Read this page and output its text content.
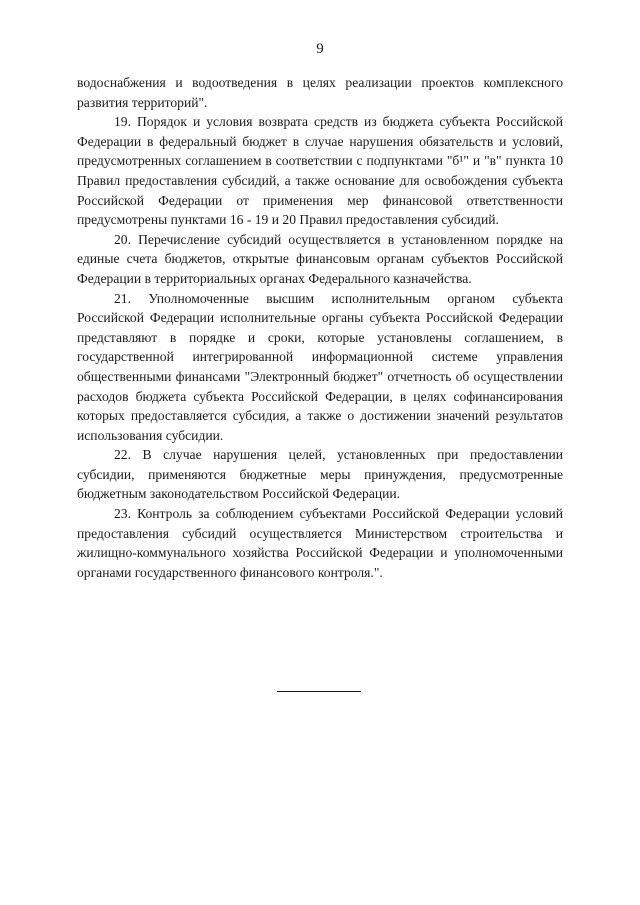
9

водоснабжения и водоотведения в целях реализации проектов комплексного развития территорий".

19. Порядок и условия возврата средств из бюджета субъекта Российской Федерации в федеральный бюджет в случае нарушения обязательств и условий, предусмотренных соглашением в соответствии с подпунктами "б¹" и "в" пункта 10 Правил предоставления субсидий, а также основание для освобождения субъекта Российской Федерации от применения мер финансовой ответственности предусмотрены пунктами 16 - 19 и 20 Правил предоставления субсидий.

20. Перечисление субсидий осуществляется в установленном порядке на единые счета бюджетов, открытые финансовым органам субъектов Российской Федерации в территориальных органах Федерального казначейства.

21. Уполномоченные высшим исполнительным органом субъекта Российской Федерации исполнительные органы субъекта Российской Федерации представляют в порядке и сроки, которые установлены соглашением, в государственной интегрированной информационной системе управления общественными финансами "Электронный бюджет" отчетность об осуществлении расходов бюджета субъекта Российской Федерации, в целях софинансирования которых предоставляется субсидия, а также о достижении значений результатов использования субсидии.

22. В случае нарушения целей, установленных при предоставлении субсидии, применяются бюджетные меры принуждения, предусмотренные бюджетным законодательством Российской Федерации.

23. Контроль за соблюдением субъектами Российской Федерации условий предоставления субсидий осуществляется Министерством строительства и жилищно-коммунального хозяйства Российской Федерации и уполномоченными органами государственного финансового контроля.".
